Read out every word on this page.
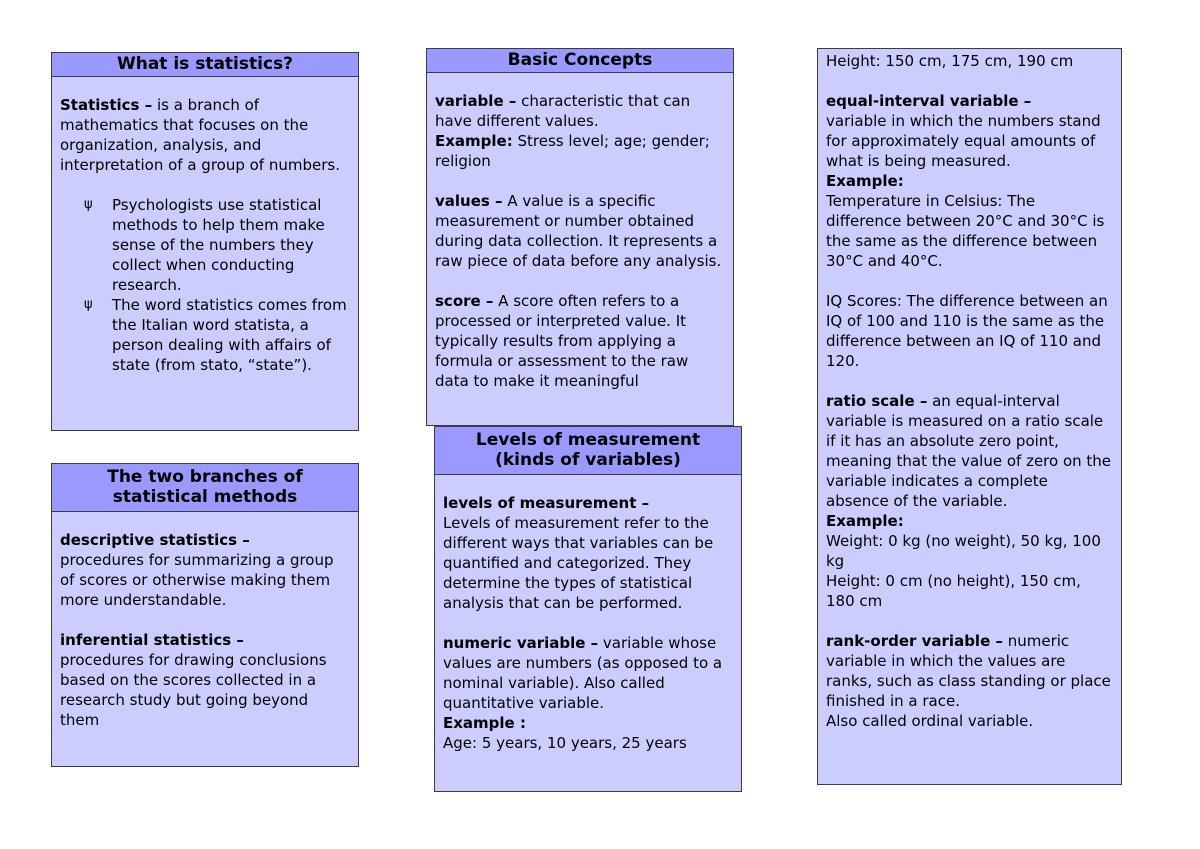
What is statistics?

Statistics – is a branch of mathematics that focuses on the organization, analysis, and interpretation of a group of numbers.

ψ Psychologists use statistical methods to help them make sense of the numbers they collect when conducting research.
ψ The word statistics comes from the Italian word statista, a person dealing with affairs of state (from stato, “state”).
The two branches of
statistical methods

descriptive statistics –

procedures for summarizing a group of scores or otherwise making them more understandable.

inferential statistics –

procedures for drawing conclusions based on the scores collected in a research study but going beyond them

Basic Concepts

variable – characteristic that can have different values.

Example: Stress level; age; gender; religion

values – A value is a specific measurement or number obtained during data collection. It represents a raw piece of data before any analysis.

score – A score often refers to a processed or interpreted value. It typically results from applying a formula or assessment to the raw data to make it meaningful

Levels of measurement
(kinds of variables)

levels of measurement –

Levels of measurement refer to the different ways that variables can be quantified and categorized. They determine the types of statistical analysis that can be performed.

numeric variable – variable whose

values are numbers (as opposed to a nominal variable). Also called quantitative variable.

Example :

Age: 5 years, 10 years, 25 years

Height: 150 cm, 175 cm, 190 cm

equal-interval variable –

variable in which the numbers stand for approximately equal amounts of what is being measured.

Example:

Temperature in Celsius: The difference between 20°C and 30°C is the same as the difference between 30°C and 40°C.

IQ Scores: The difference between an IQ of 100 and 110 is the same as the difference between an IQ of 110 and 120.

ratio scale – an equal-interval variable is measured on a ratio scale if it has an absolute zero point, meaning that the value of zero on the variable indicates a complete absence of the variable.

Example:

Weight: 0 kg (no weight), 50 kg, 100 kg

Height: 0 cm (no height), 150 cm, 180 cm

rank-order variable – numeric variable in which the values are ranks, such as class standing or place finished in a race.

Also called ordinal variable.
